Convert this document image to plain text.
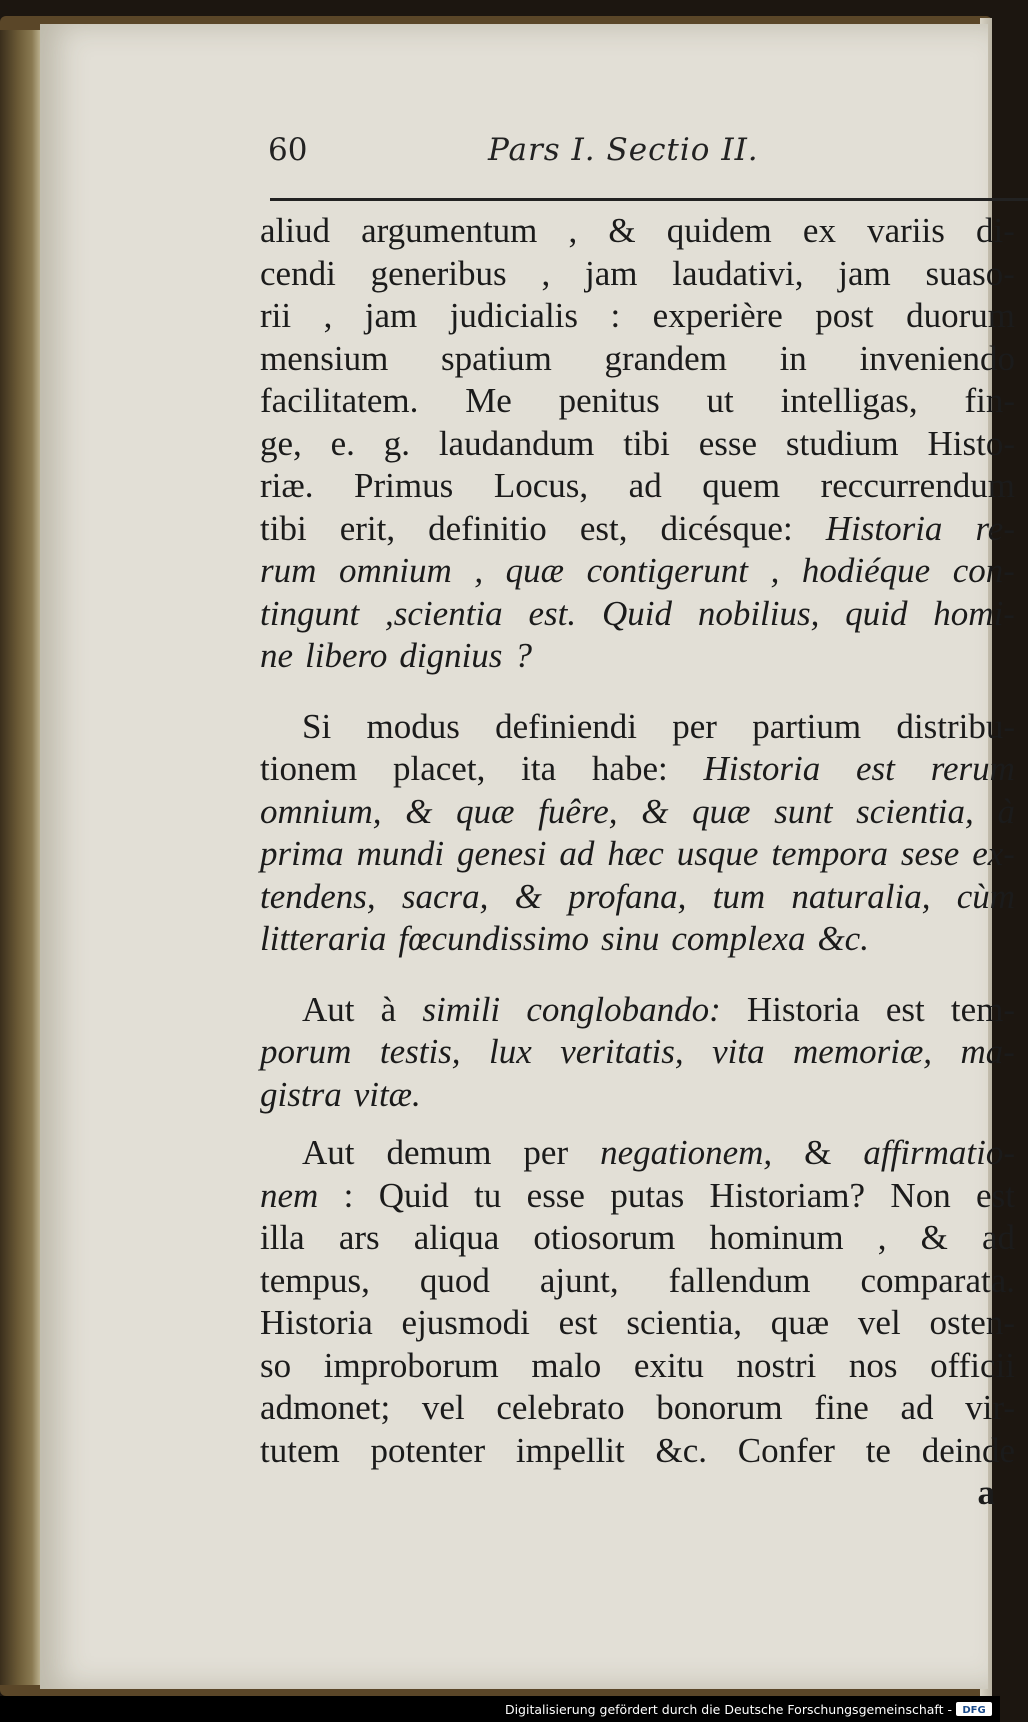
60	Pars I. Sectio II.
aliud argumentum , & quidem ex variis di-
cendi generibus , jam laudativi, jam suaso-
rii , jam judicialis : experière post duorum
mensium spatium grandem in inveniendo
facilitatem. Me penitus ut intelligas, fin-
ge, e. g. laudandum tibi esse studium Histo-
riæ. Primus Locus, ad quem reccurrendum
tibi erit, definitio est, dicésque: Historia re-
rum omnium , quæ contigerunt , hodiéque con-
tingunt ,scientia est. Quid nobilius, quid homi-
ne libero dignius ?
Si modus definiendi per partium distribu-
tionem placet, ita habe: Historia est rerum
omnium, & quæ fuêre, & quæ sunt scientia, à
prima mundi genesi ad hæc usque tempora sese ex-
tendens, sacra, & profana, tum naturalia, cùm
litteraria fœcundissimo sinu complexa &c.
Aut à simili conglobando: Historia est tem-
porum testis, lux veritatis, vita memoriæ, ma-
gistra vitæ.
Aut demum per negationem, & affirmatio-
nem : Quid tu esse putas Historiam? Non est
illa ars aliqua otiosorum hominum , & ad
tempus, quod ajunt, fallendum comparata.
Historia ejusmodi est scientia, quæ vel osten-
so improborum malo exitu nostri nos officii
admonet; vel celebrato bonorum fine ad vir-
tutem potenter impellit &c. Confer te deinde
a
Digitalisierung gefördert durch die Deutsche Forschungsgemeinschaft - DFG
